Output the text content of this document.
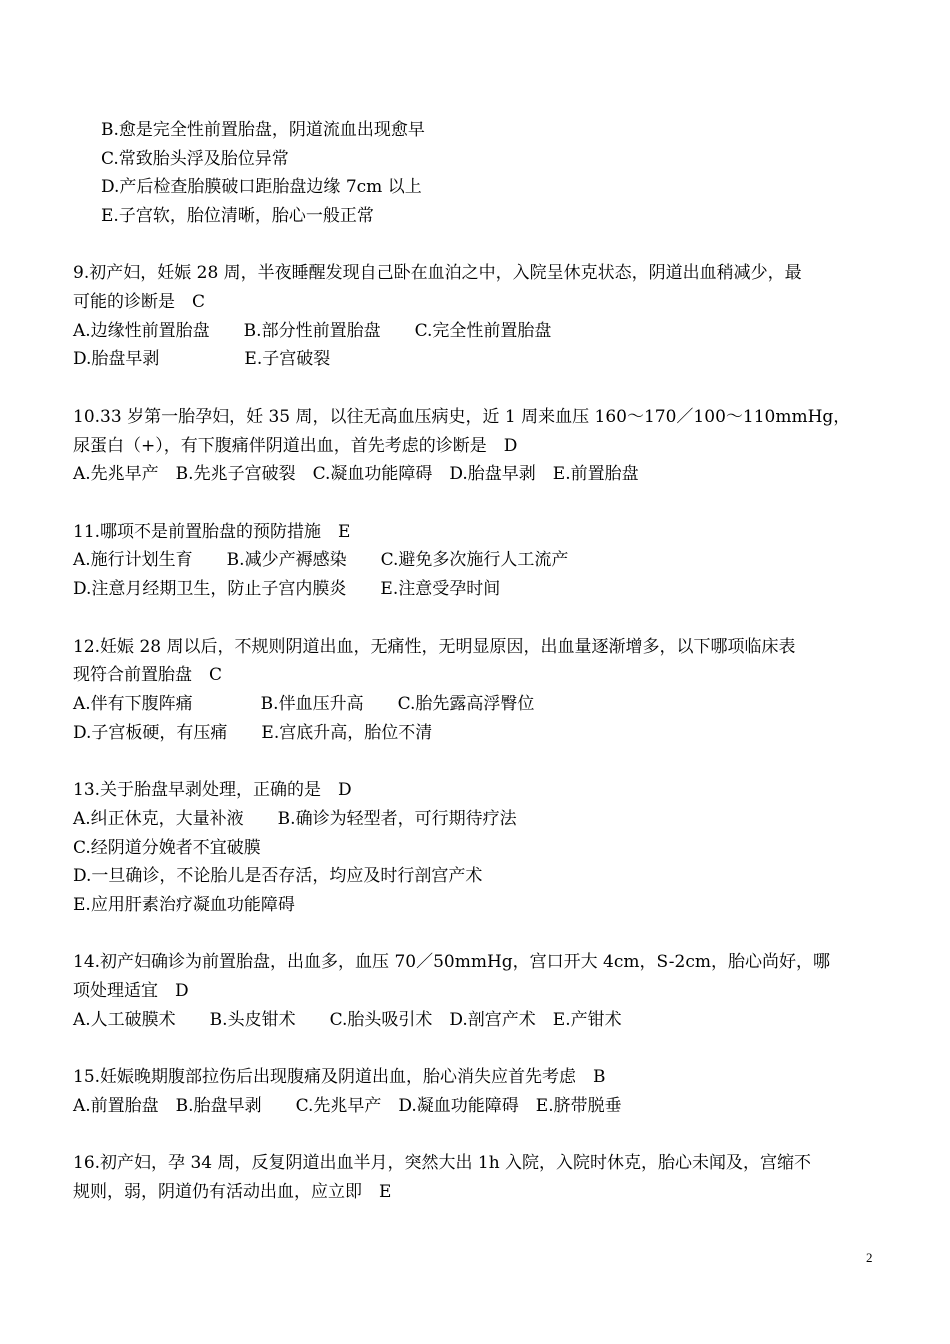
B.愈是完全性前置胎盘，阴道流血出现愈早
C.常致胎头浮及胎位异常
D.产后检查胎膜破口距胎盘边缘 7cm 以上
E.子宫软，胎位清晰，胎心一般正常
9.初产妇，妊娠 28 周，半夜睡醒发现自己卧在血泊之中，入院呈休克状态，阴道出血稍减少，最
可能的诊断是　C
A.边缘性前置胎盘　　B.部分性前置胎盘　　C.完全性前置胎盘
D.胎盘早剥　　　　　E.子宫破裂
10.33 岁第一胎孕妇，妊 35 周，以往无高血压病史，近 1 周来血压 160～170／100～110mmHg，
尿蛋白（+），有下腹痛伴阴道出血，首先考虑的诊断是　D
A.先兆早产　B.先兆子宫破裂　C.凝血功能障碍　D.胎盘早剥　E.前置胎盘
11.哪项不是前置胎盘的预防措施　E
A.施行计划生育　　B.减少产褥感染　　C.避免多次施行人工流产
D.注意月经期卫生，防止子宫内膜炎　　E.注意受孕时间
12.妊娠 28 周以后，不规则阴道出血，无痛性，无明显原因，出血量逐渐增多，以下哪项临床表
现符合前置胎盘　C
A.伴有下腹阵痛　　　　B.伴血压升高　　C.胎先露高浮臀位
D.子宫板硬，有压痛　　E.宫底升高，胎位不清
13.关于胎盘早剥处理，正确的是　D
A.纠正休克，大量补液　　B.确诊为轻型者，可行期待疗法
C.经阴道分娩者不宜破膜
D.一旦确诊，不论胎儿是否存活，均应及时行剖宫产术
E.应用肝素治疗凝血功能障碍
14.初产妇确诊为前置胎盘，出血多，血压 70／50mmHg，宫口开大 4cm，S-2cm，胎心尚好，哪
项处理适宜　D
A.人工破膜术　　B.头皮钳术　　C.胎头吸引术　D.剖宫产术　E.产钳术
15.妊娠晚期腹部拉伤后出现腹痛及阴道出血，胎心消失应首先考虑　B
A.前置胎盘　B.胎盘早剥　　C.先兆早产　D.凝血功能障碍　E.脐带脱垂
16.初产妇，孕 34 周，反复阴道出血半月，突然大出 1h 入院，入院时休克，胎心未闻及，宫缩不
规则，弱，阴道仍有活动出血，应立即　E
2
